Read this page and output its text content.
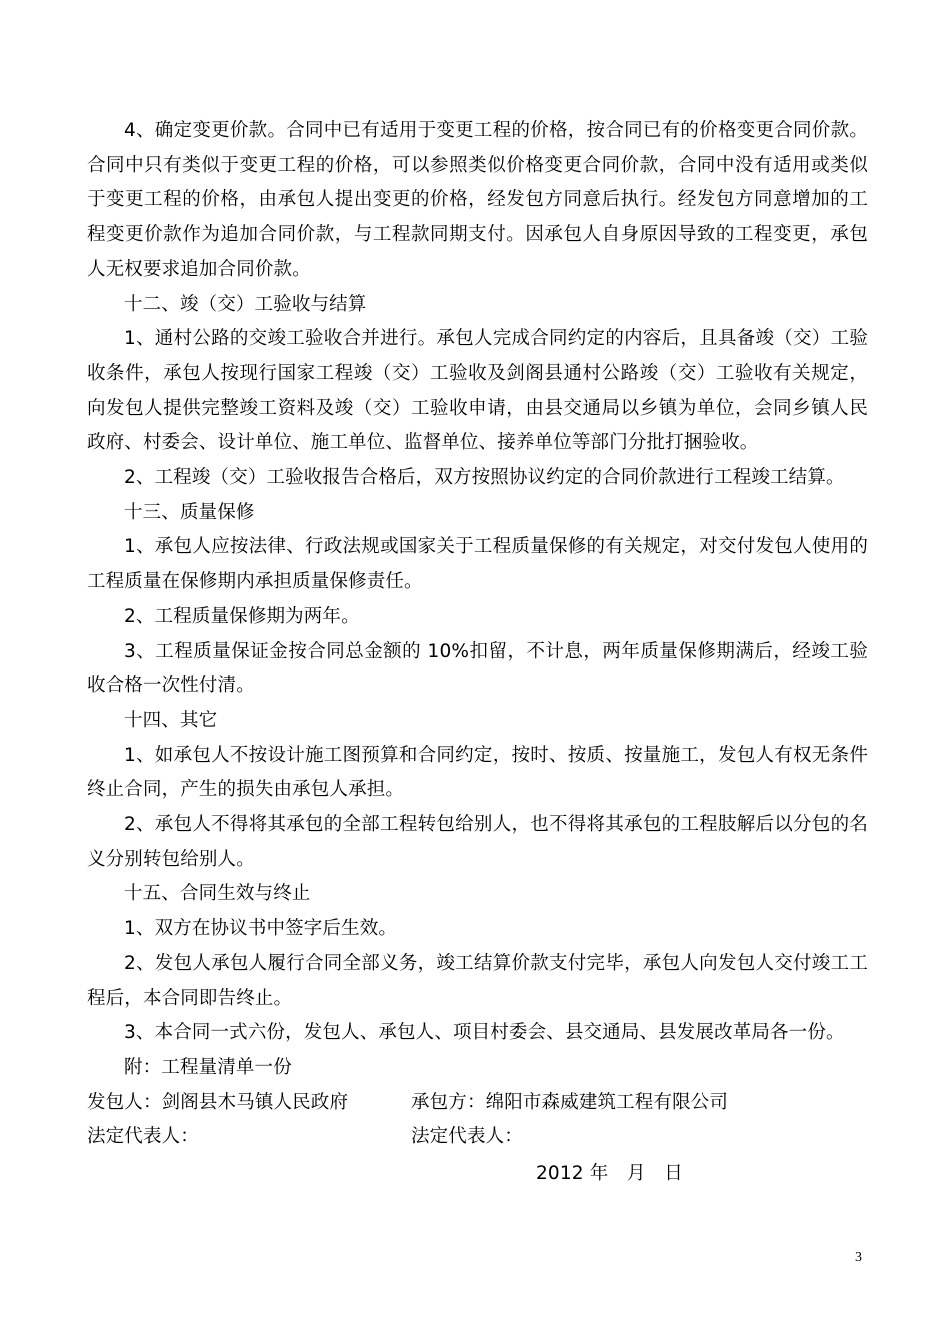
4、确定变更价款。合同中已有适用于变更工程的价格，按合同已有的价格变更合同价款。合同中只有类似于变更工程的价格，可以参照类似价格变更合同价款，合同中没有适用或类似于变更工程的价格，由承包人提出变更的价格，经发包方同意后执行。经发包方同意增加的工程变更价款作为追加合同价款，与工程款同期支付。因承包人自身原因导致的工程变更，承包人无权要求追加合同价款。

十二、竣（交）工验收与结算

1、通村公路的交竣工验收合并进行。承包人完成合同约定的内容后，且具备竣（交）工验收条件，承包人按现行国家工程竣（交）工验收及剑阁县通村公路竣（交）工验收有关规定，向发包人提供完整竣工资料及竣（交）工验收申请，由县交通局以乡镇为单位，会同乡镇人民政府、村委会、设计单位、施工单位、监督单位、接养单位等部门分批打捆验收。

2、工程竣（交）工验收报告合格后，双方按照协议约定的合同价款进行工程竣工结算。

十三、质量保修

1、承包人应按法律、行政法规或国家关于工程质量保修的有关规定，对交付发包人使用的工程质量在保修期内承担质量保修责任。

2、工程质量保修期为两年。

3、工程质量保证金按合同总金额的 10%扣留，不计息，两年质量保修期满后，经竣工验收合格一次性付清。

十四、其它

1、如承包人不按设计施工图预算和合同约定，按时、按质、按量施工，发包人有权无条件终止合同，产生的损失由承包人承担。

2、承包人不得将其承包的全部工程转包给别人，也不得将其承包的工程肢解后以分包的名义分别转包给别人。

十五、合同生效与终止

1、双方在协议书中签字后生效。

2、发包人承包人履行合同全部义务，竣工结算价款支付完毕，承包人向发包人交付竣工工程后，本合同即告终止。

3、本合同一式六份，发包人、承包人、项目村委会、县交通局、县发展改革局各一份。

附：工程量清单一份

发包人：剑阁县木马镇人民政府	承包方：绵阳市森威建筑工程有限公司
法定代表人：	法定代表人：

2012 年　月　日

3
